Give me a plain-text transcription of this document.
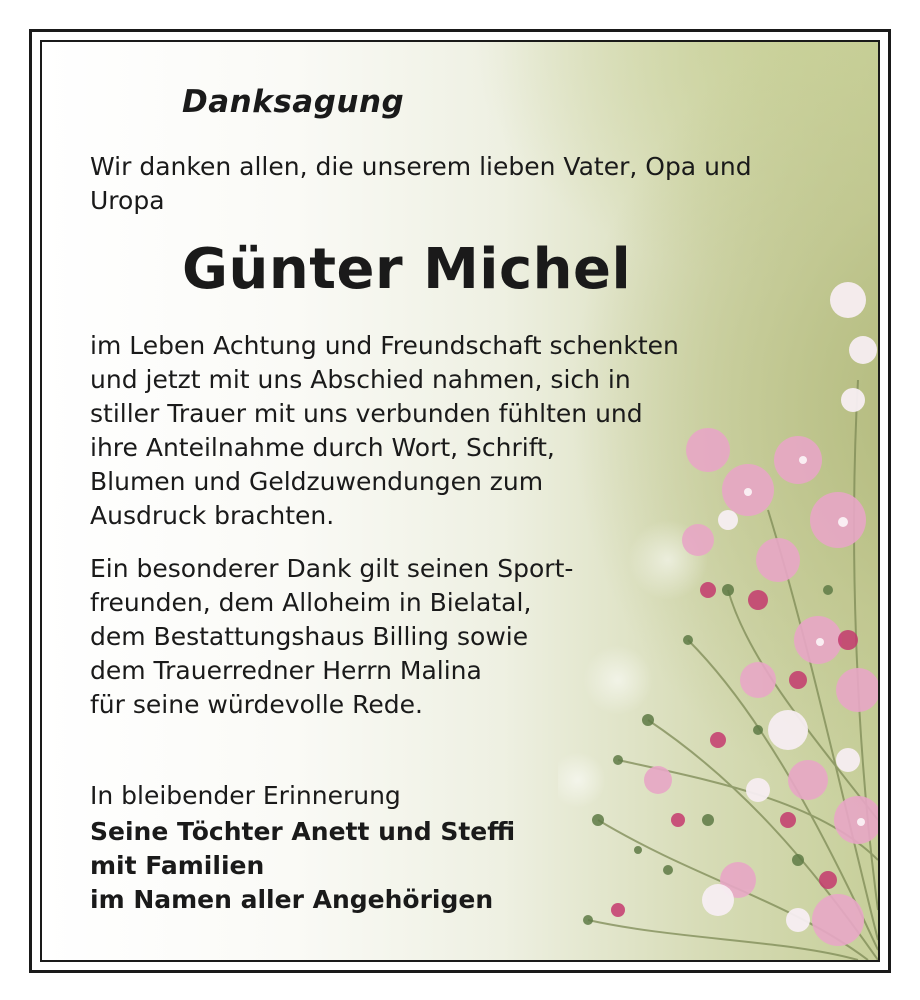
Danksagung

Wir danken allen, die unserem lieben Vater, Opa und

Uropa

Günter Michel

im Leben Achtung und Freundschaft schenkten

und jetzt mit uns Abschied nahmen, sich in

stiller Trauer mit uns verbunden fühlten und

ihre Anteilnahme durch Wort, Schrift,

Blumen und Geldzuwendungen zum

Ausdruck brachten.

Ein besonderer Dank gilt seinen Sport-

freunden, dem Alloheim in Bielatal,

dem Bestattungshaus Billing sowie

dem Trauerredner Herrn Malina

für seine würdevolle Rede.

In bleibender Erinnerung

Seine Töchter Anett und Steffi

mit Familien

im Namen aller Angehörigen
